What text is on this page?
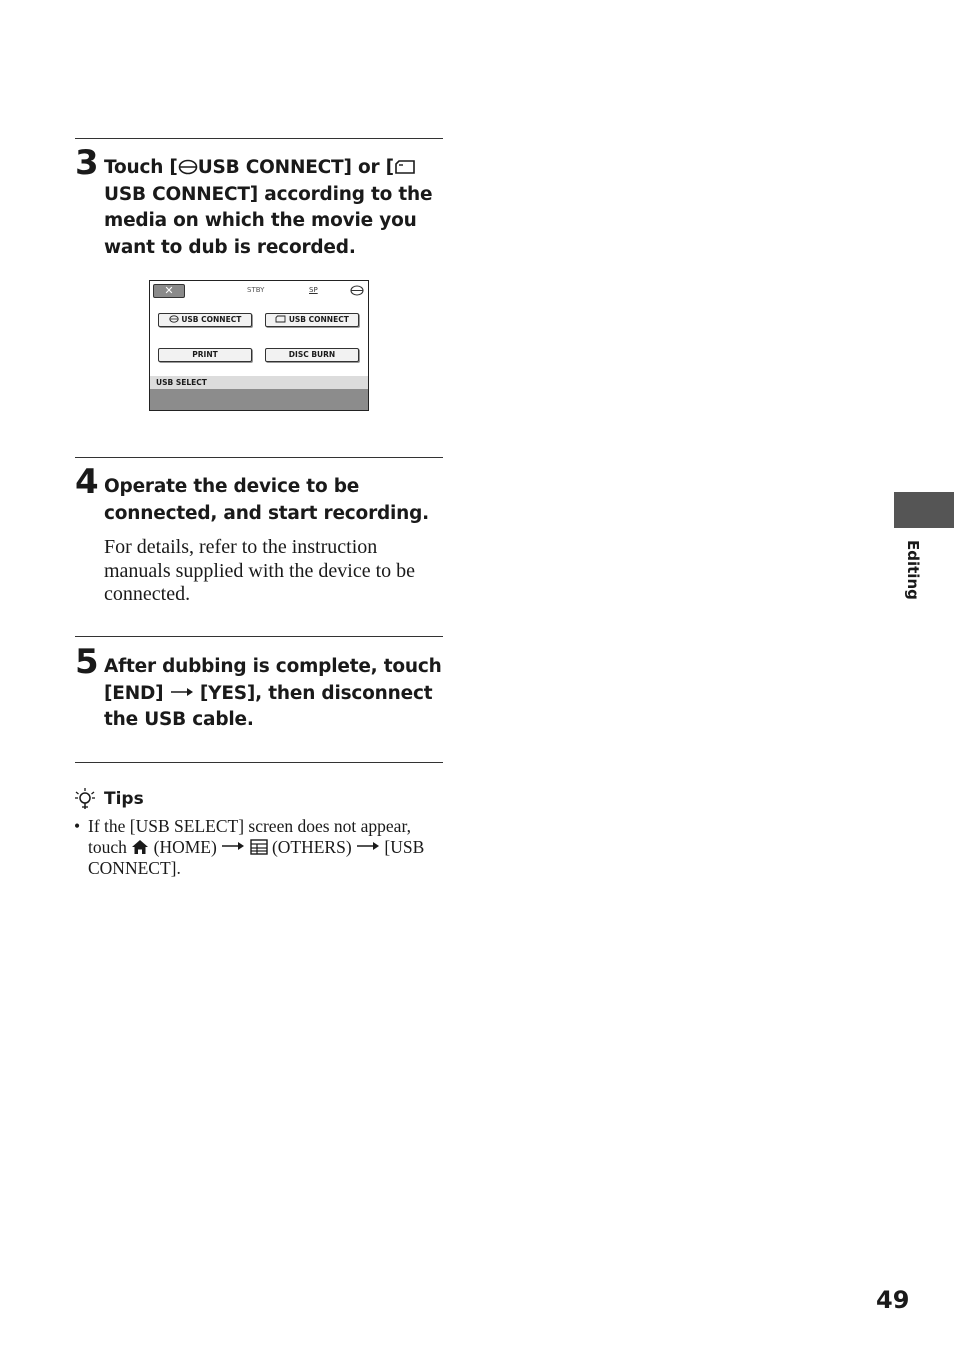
3 Touch [ USB CONNECT] or [USB CONNECT] according to the media on which the movie you want to dub is recorded.
✕	STBY	SP
USB CONNECT	USB CONNECT
PRINT	DISC BURN
USB SELECT
4 Operate the device to be connected, and start recording.
For details, refer to the instruction manuals supplied with the device to be connected.
5 After dubbing is complete, touch [END] [YES], then disconnect the USB cable.
Tips
• If the [USB SELECT] screen does not appear, touch (HOME)	(OTHERS) [USB CONNECT].
Editing
49
